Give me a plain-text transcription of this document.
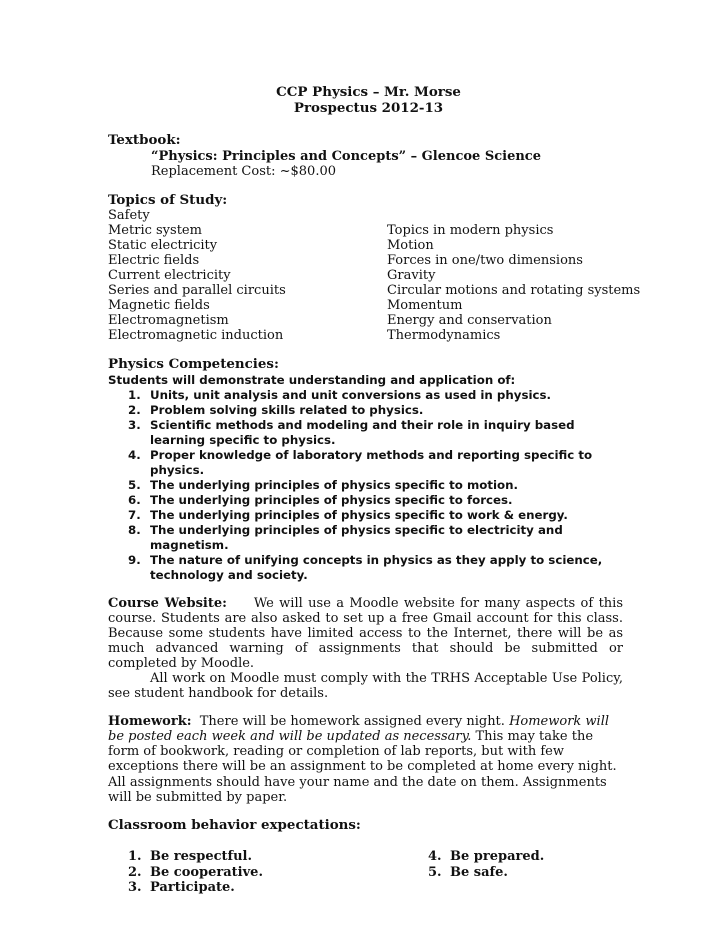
CCP Physics – Mr. Morse
Prospectus 2012-13
Textbook:
“Physics: Principles and Concepts” – Glencoe Science
Replacement Cost: ~$80.00
Topics of Study:
Safety
Metric system
Static electricity
Electric fields
Current electricity
Series and parallel circuits
Magnetic fields
Electromagnetism
Electromagnetic induction
Topics in modern physics
Motion
Forces in one/two dimensions
Gravity
Circular motions and rotating systems
Momentum
Energy and conservation
Thermodynamics
Physics Competencies:
Students will demonstrate understanding and application of:
1. Units, unit analysis and unit conversions as used in physics.
2. Problem solving skills related to physics.
3. Scientific methods and modeling and their role in inquiry based learning specific to physics.
4. Proper knowledge of laboratory methods and reporting specific to physics.
5. The underlying principles of physics specific to motion.
6. The underlying principles of physics specific to forces.
7. The underlying principles of physics specific to work & energy.
8. The underlying principles of physics specific to electricity and magnetism.
9. The nature of unifying concepts in physics as they apply to science, technology and society.
Course Website: We will use a Moodle website for many aspects of this course. Students are also asked to set up a free Gmail account for this class. Because some students have limited access to the Internet, there will be as much advanced warning of assignments that should be submitted or completed by Moodle.
All work on Moodle must comply with the TRHS Acceptable Use Policy, see student handbook for details.
Homework: There will be homework assigned every night. Homework will be posted each week and will be updated as necessary. This may take the form of bookwork, reading or completion of lab reports, but with few exceptions there will be an assignment to be completed at home every night. All assignments should have your name and the date on them. Assignments will be submitted by paper.
Classroom behavior expectations:
1. Be respectful.
2. Be cooperative.
3. Participate.
4. Be prepared.
5. Be safe.
